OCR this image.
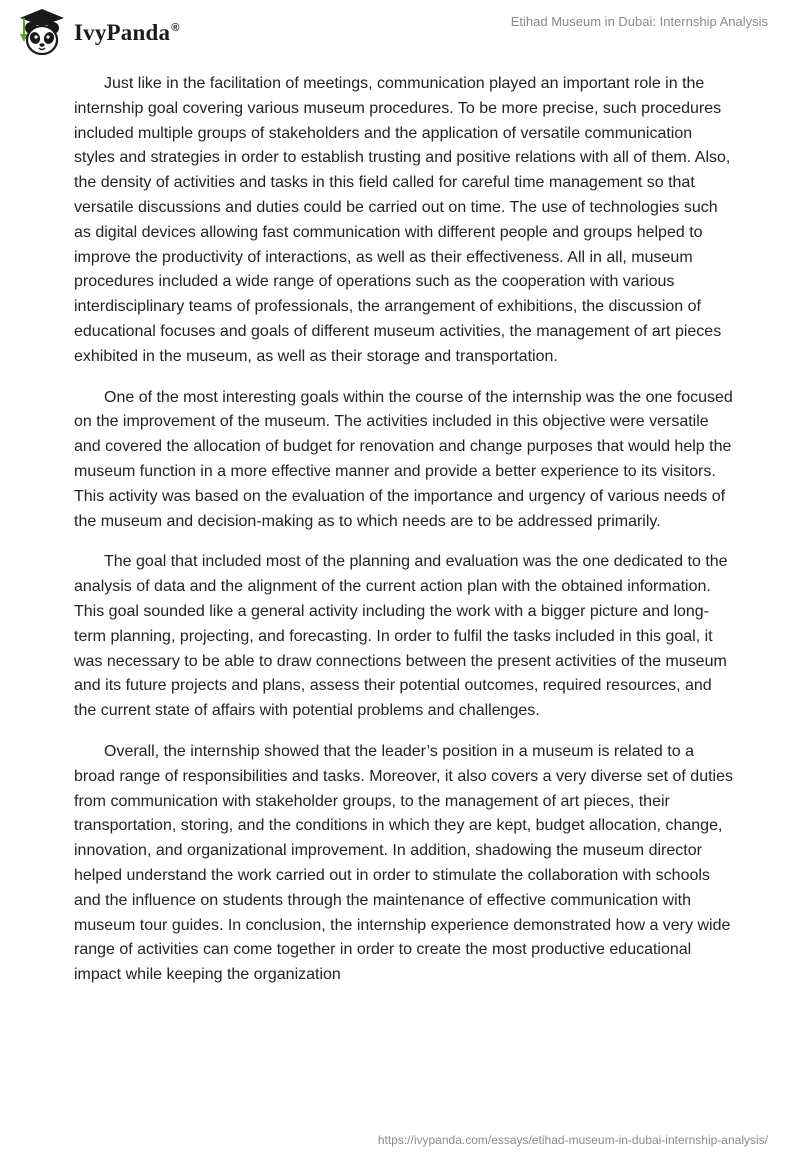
IvyPanda®	Etihad Museum in Dubai: Internship Analysis

Just like in the facilitation of meetings, communication played an important role in the internship goal covering various museum procedures. To be more precise, such procedures included multiple groups of stakeholders and the application of versatile communication styles and strategies in order to establish trusting and positive relations with all of them. Also, the density of activities and tasks in this field called for careful time management so that versatile discussions and duties could be carried out on time. The use of technologies such as digital devices allowing fast communication with different people and groups helped to improve the productivity of interactions, as well as their effectiveness. All in all, museum procedures included a wide range of operations such as the cooperation with various interdisciplinary teams of professionals, the arrangement of exhibitions, the discussion of educational focuses and goals of different museum activities, the management of art pieces exhibited in the museum, as well as their storage and transportation.

One of the most interesting goals within the course of the internship was the one focused on the improvement of the museum. The activities included in this objective were versatile and covered the allocation of budget for renovation and change purposes that would help the museum function in a more effective manner and provide a better experience to its visitors. This activity was based on the evaluation of the importance and urgency of various needs of the museum and decision-making as to which needs are to be addressed primarily.

The goal that included most of the planning and evaluation was the one dedicated to the analysis of data and the alignment of the current action plan with the obtained information. This goal sounded like a general activity including the work with a bigger picture and long-term planning, projecting, and forecasting. In order to fulfil the tasks included in this goal, it was necessary to be able to draw connections between the present activities of the museum and its future projects and plans, assess their potential outcomes, required resources, and the current state of affairs with potential problems and challenges.

Overall, the internship showed that the leader’s position in a museum is related to a broad range of responsibilities and tasks. Moreover, it also covers a very diverse set of duties from communication with stakeholder groups, to the management of art pieces, their transportation, storing, and the conditions in which they are kept, budget allocation, change, innovation, and organizational improvement. In addition, shadowing the museum director helped understand the work carried out in order to stimulate the collaboration with schools and the influence on students through the maintenance of effective communication with museum tour guides. In conclusion, the internship experience demonstrated how a very wide range of activities can come together in order to create the most productive educational impact while keeping the organization

https://ivypanda.com/essays/etihad-museum-in-dubai-internship-analysis/
